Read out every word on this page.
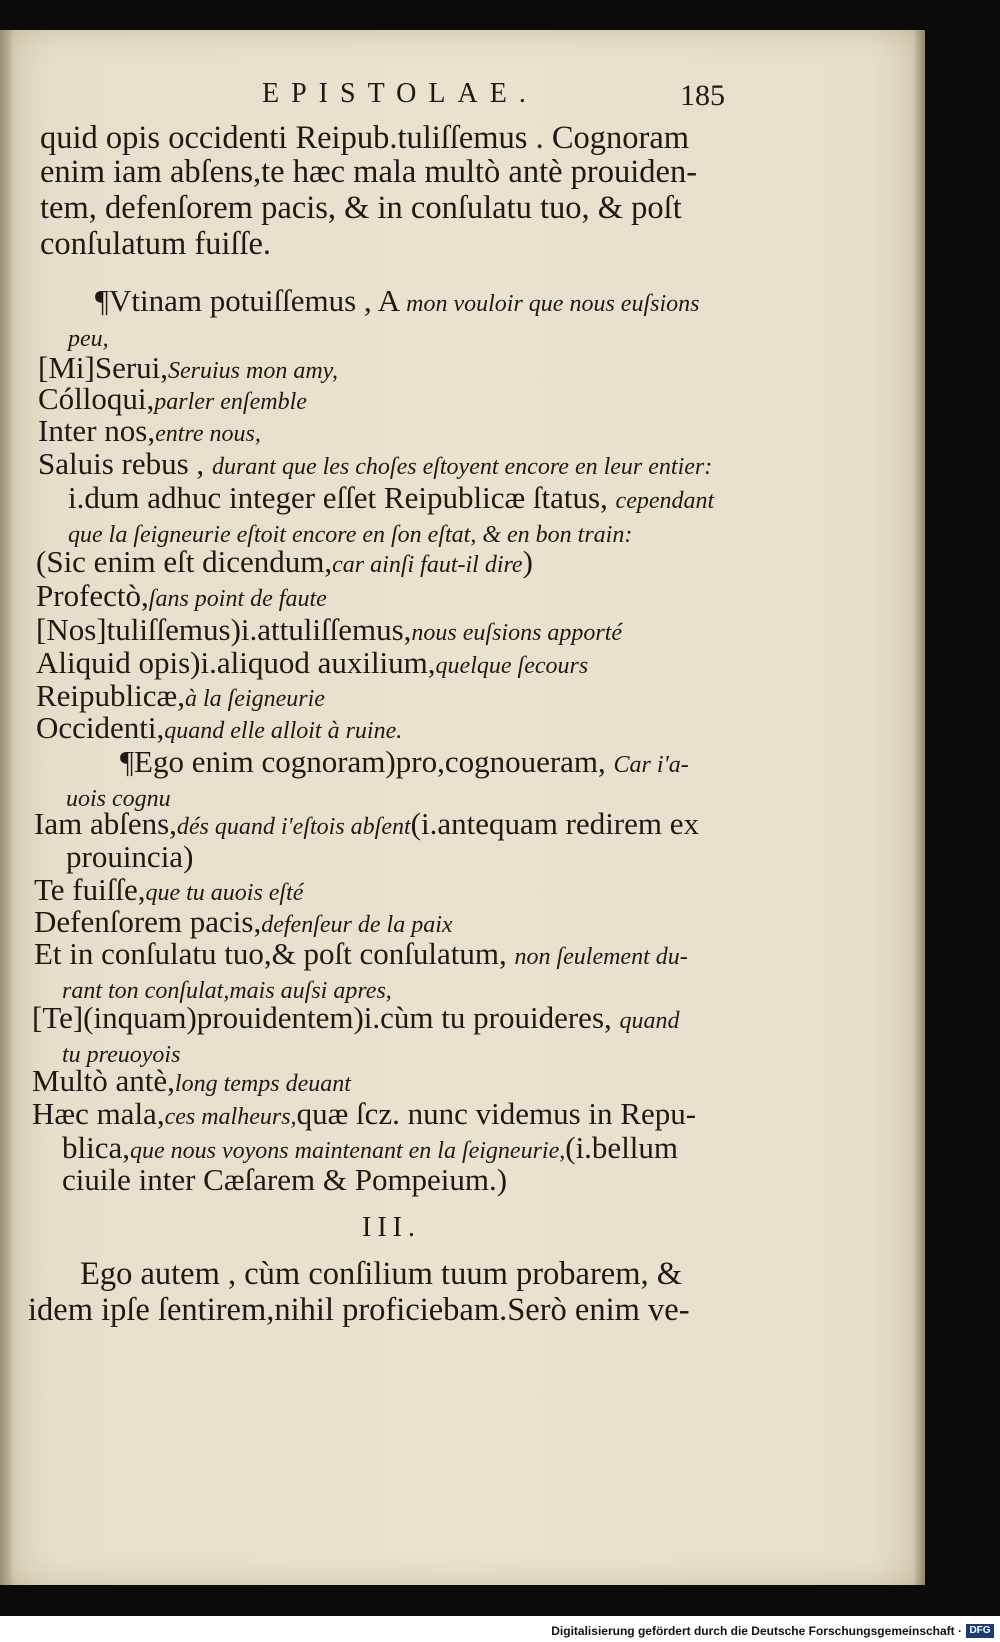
EPISTOLAE.	185
quid opis occidenti Reipub.tuliſſemus . Cognoram
enim iam abſens,te hæc mala multò antè prouiden-
tem, defenſorem pacis, & in conſulatu tuo, & poſt
conſulatum fuiſſe.
¶Vtinam potuiſſemus , A mon vouloir que nous euſsions
peu,
[Mi]Serui,Seruius mon amy,
Cólloqui,parler enſemble
Inter nos,entre nous,
Saluis rebus , durant que les choſes eſtoyent encore en leur entier:
i.dum adhuc integer eſſet Reipublicæ ſtatus, cependant
que la ſeigneurie eſtoit encore en ſon eſtat, & en bon train:
(Sic enim eſt dicendum,car ainſi faut-il dire)
Profectò,ſans point de faute
[Nos]tuliſſemus)i.attuliſſemus,nous euſsions apporté
Aliquid opis)i.aliquod auxilium,quelque ſecours
Reipublicæ,à la ſeigneurie
Occidenti,quand elle alloit à ruine.
¶Ego enim cognoram)pro,cognoueram, Car i'a-
uois cognu
Iam abſens,dés quand i'eſtois abſent(i.antequam redirem ex
prouincia)
Te fuiſſe,que tu auois eſté
Defenſorem pacis,defenſeur de la paix
Et in conſulatu tuo,& poſt conſulatum, non ſeulement du-
rant ton conſulat,mais auſsi apres,
[Te](inquam)prouidentem)i.cùm tu prouideres, quand
tu preuoyois
Multò antè,long temps deuant
Hæc mala,ces malheurs,quæ ſcz. nunc videmus in Repu-
blica,que nous voyons maintenant en la ſeigneurie,(i.bellum
ciuile inter Cæſarem & Pompeium.)
III.
Ego autem , cùm conſilium tuum probarem, &
idem ipſe ſentirem,nihil proficiebam.Serò enim ve-
Digitalisierung gefördert durch die Deutsche Forschungsgemeinschaft · DFG
